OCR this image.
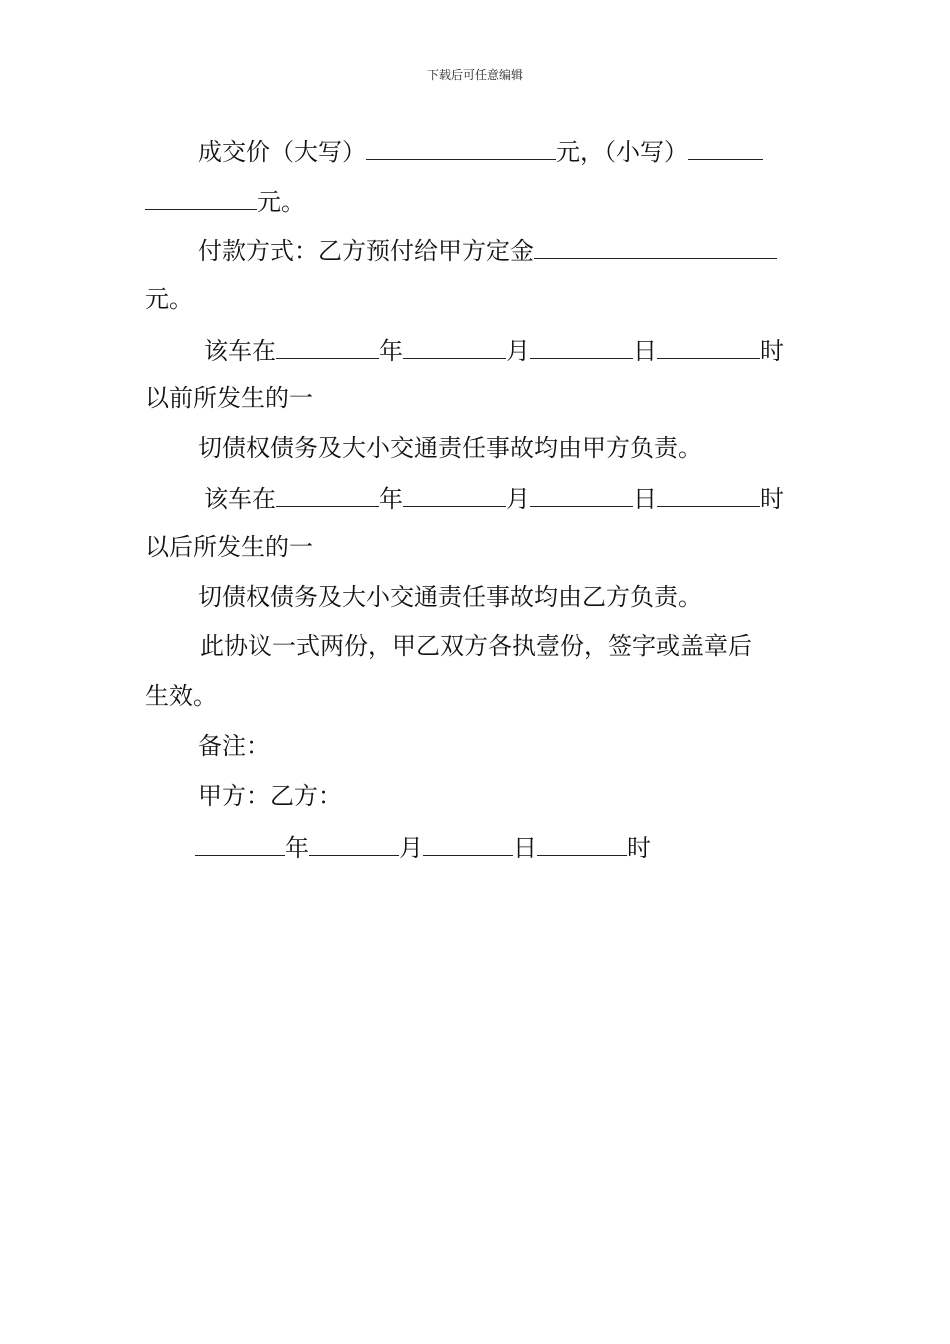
下载后可任意编辑
成交价（大写）	元，（小写）
元。
付款方式：乙方预付给甲方定金
元。
该车在	年	月	日	时
以前所发生的一
切债权债务及大小交通责任事故均由甲方负责。
该车在	年	月	日	时
以后所发生的一
切债权债务及大小交通责任事故均由乙方负责。
此协议一式两份，甲乙双方各执壹份，签字或盖章后
生效。
备注：
甲方：乙方：
年	月	日	时
